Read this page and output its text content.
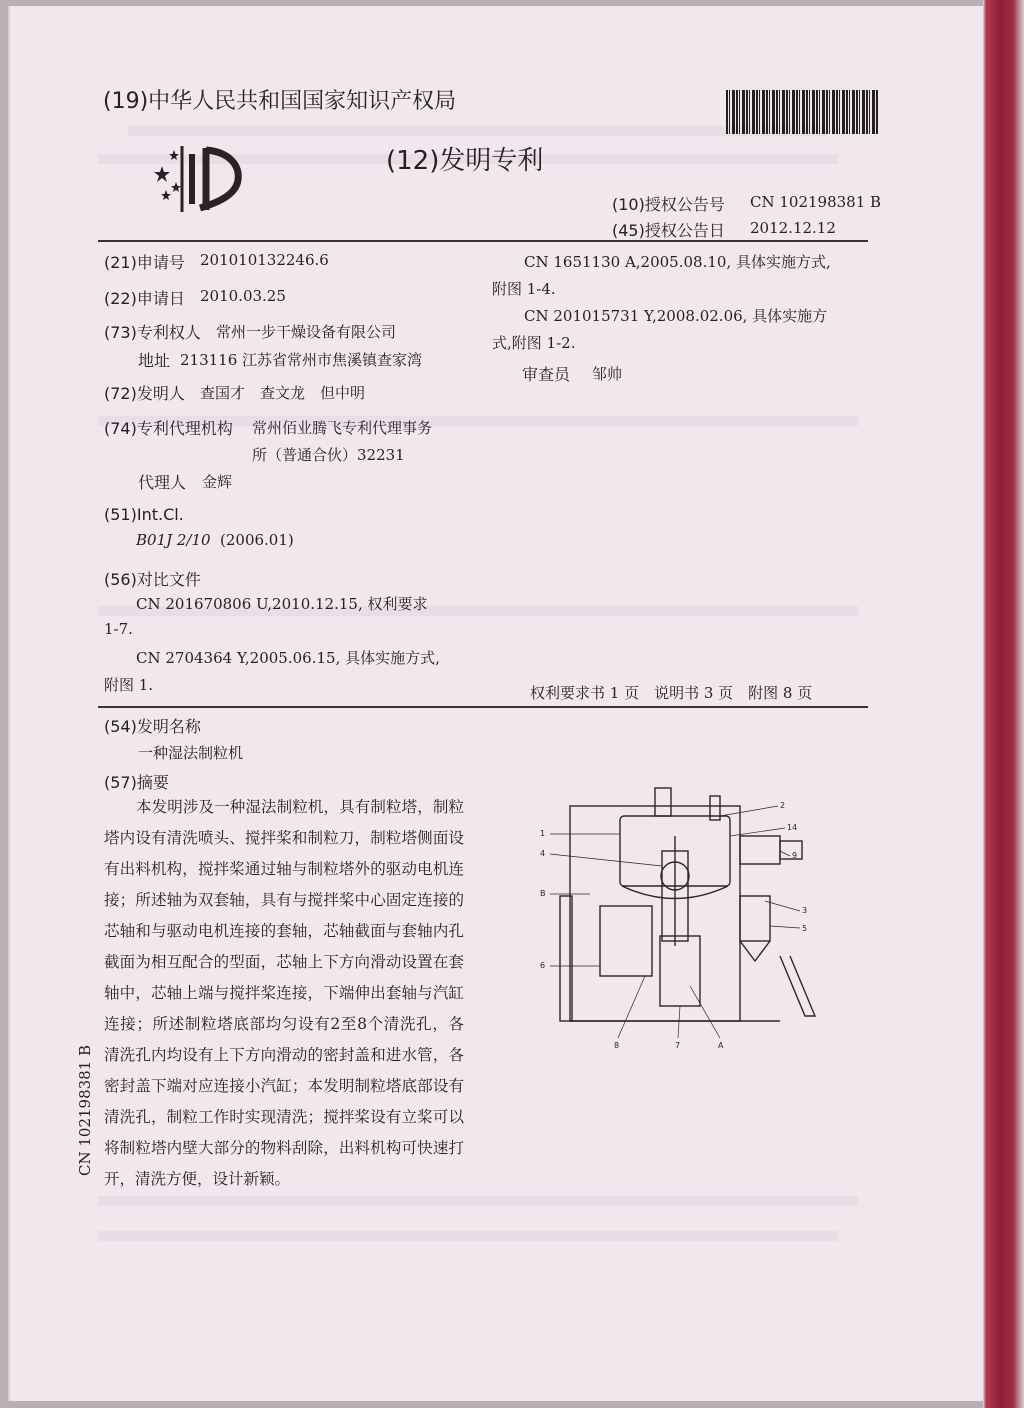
(19)中华人民共和国国家知识产权局
(12)发明专利
(10)授权公告号 CN 102198381 B
(45)授权公告日 2012.12.12
(21)申请号 201010132246.6
(22)申请日 2010.03.25
(73)专利权人 常州一步干燥设备有限公司
地址 213116 江苏省常州市焦溪镇查家湾
(72)发明人 查国才　查文龙　但中明
(74)专利代理机构 常州佰业腾飞专利代理事务
所（普通合伙）32231
代理人 金辉
(51)Int.Cl.
B01J 2/10 (2006.01)
(56)对比文件
CN 201670806 U,2010.12.15, 权利要求
1-7.
CN 2704364 Y,2005.06.15, 具体实施方式,
附图 1.
CN 1651130 A,2005.08.10, 具体实施方式,
附图 1-4.
CN 201015731 Y,2008.02.06, 具体实施方
式,附图 1-2.
审查员 邹帅
权利要求书 1 页　说明书 3 页　附图 8 页
(54)发明名称
一种湿法制粒机
(57)摘要
本发明涉及一种湿法制粒机，具有制粒塔，制粒塔内设有清洗喷头、搅拌桨和制粒刀，制粒塔侧面设有出料机构，搅拌桨通过轴与制粒塔外的驱动电机连接；所述轴为双套轴，具有与搅拌桨中心固定连接的芯轴和与驱动电机连接的套轴，芯轴截面与套轴内孔截面为相互配合的型面，芯轴上下方向滑动设置在套轴中，芯轴上端与搅拌桨连接，下端伸出套轴与汽缸连接；所述制粒塔底部均匀设有2至8个清洗孔，各清洗孔内均设有上下方向滑动的密封盖和进水管，各密封盖下端对应连接小汽缸；本发明制粒塔底部设有清洗孔，制粒工作时实现清洗；搅拌桨设有立桨可以将制粒塔内壁大部分的物料刮除，出料机构可快速打开，清洗方便，设计新颖。
1
2
14
4	9
B
3
5
6
8	7	A
CN 102198381 B
